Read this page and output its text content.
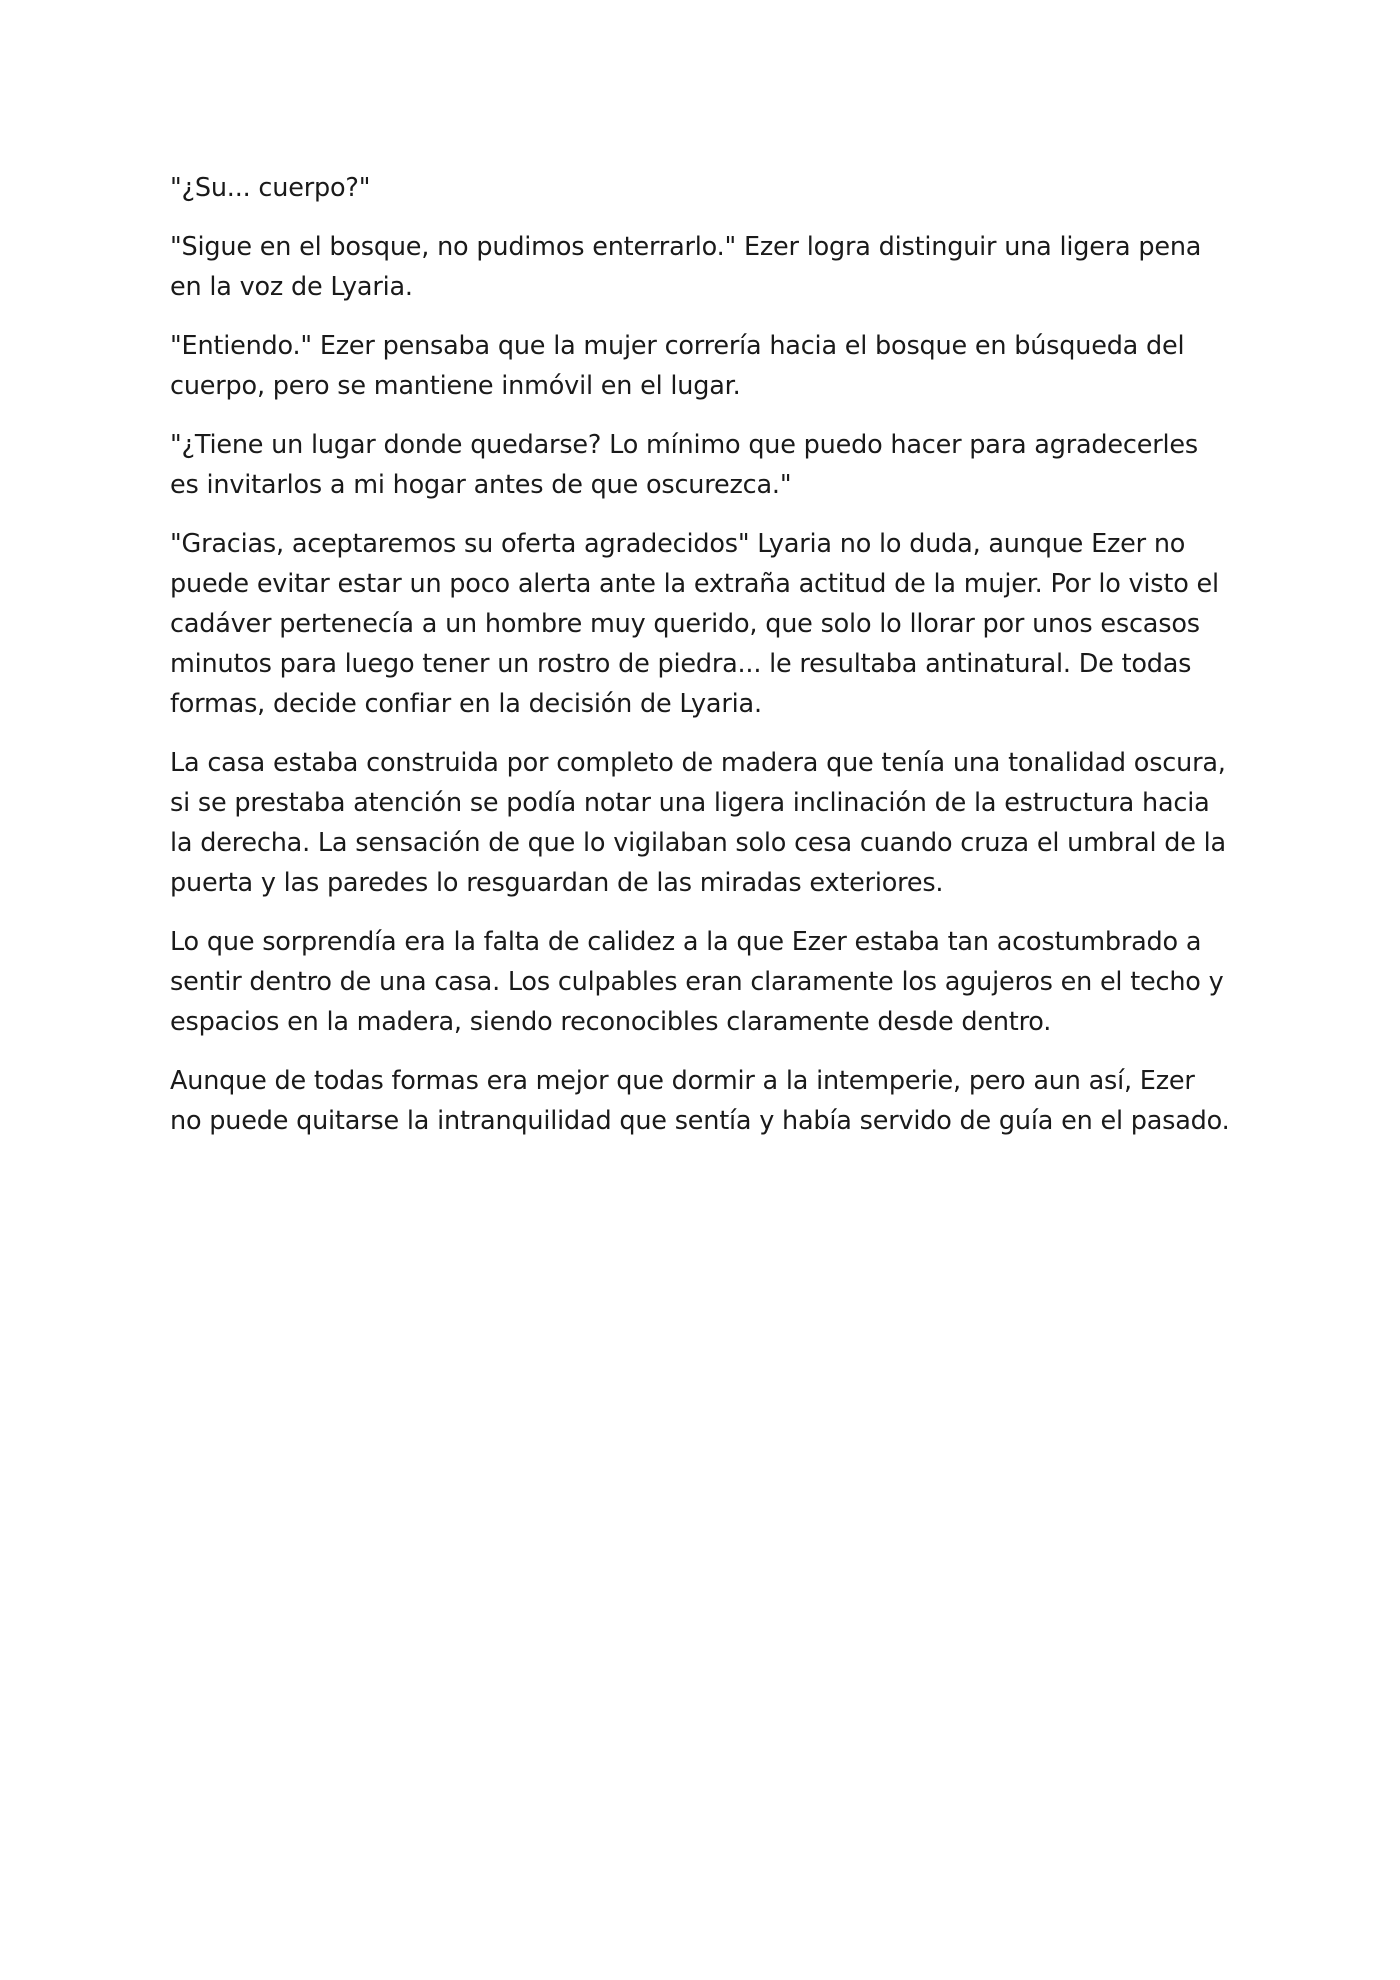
"¿Su... cuerpo?"

"Sigue en el bosque, no pudimos enterrarlo." Ezer logra distinguir una ligera pena en la voz de Lyaria.

"Entiendo." Ezer pensaba que la mujer correría hacia el bosque en búsqueda del cuerpo, pero se mantiene inmóvil en el lugar.

"¿Tiene un lugar donde quedarse? Lo mínimo que puedo hacer para agradecerles es invitarlos a mi hogar antes de que oscurezca."

"Gracias, aceptaremos su oferta agradecidos" Lyaria no lo duda, aunque Ezer no puede evitar estar un poco alerta ante la extraña actitud de la mujer. Por lo visto el cadáver pertenecía a un hombre muy querido, que solo lo llorar por unos escasos minutos para luego tener un rostro de piedra... le resultaba antinatural. De todas formas, decide confiar en la decisión de Lyaria.

La casa estaba construida por completo de madera que tenía una tonalidad oscura, si se prestaba atención se podía notar una ligera inclinación de la estructura hacia la derecha. La sensación de que lo vigilaban solo cesa cuando cruza el umbral de la puerta y las paredes lo resguardan de las miradas exteriores.

Lo que sorprendía era la falta de calidez a la que Ezer estaba tan acostumbrado a sentir dentro de una casa. Los culpables eran claramente los agujeros en el techo y espacios en la madera, siendo reconocibles claramente desde dentro.

Aunque de todas formas era mejor que dormir a la intemperie, pero aun así, Ezer no puede quitarse la intranquilidad que sentía y había servido de guía en el pasado.
